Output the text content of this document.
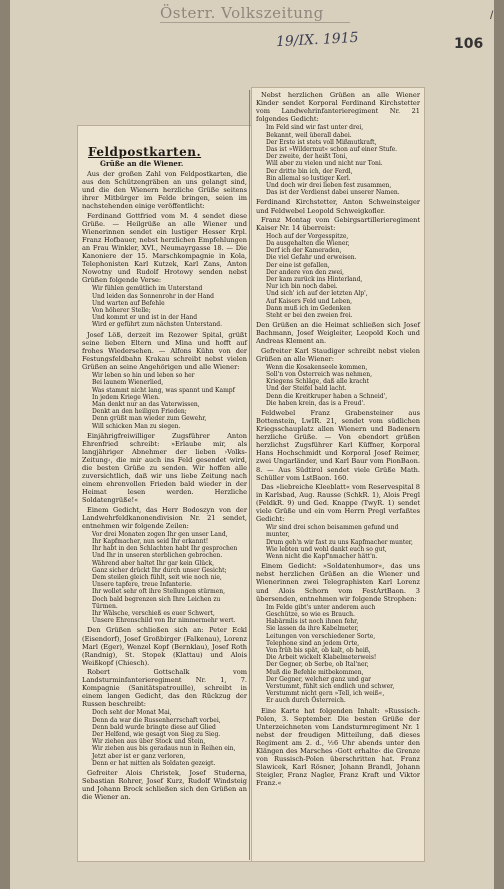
Österr. Volkszeitung
19/IX. 1915	106
/
Feldpostkarten.
Grüße an die Wiener.

Aus der großen Zahl von Feldpostkarten, die aus den Schützengräben an uns gelangt sind, und die den Wienern herzliche Grüße seitens ihrer Mitbürger im Felde bringen, seien im nachstehenden einige veröffentlicht:

Ferdinand Gottfried vom M. 4 sendet diese Grüße. — Heilgrüße an alle Wiener und Wienerinnen sendet ein lustiger Hesser Krpl. Franz Hofbauer, nebst herzlichen Empfehlungen an Frau Winkler, XVI., Neumayrgasse 18. — Die Kanoniere der 15. Marschkompagnie in Kola, Telephonisten Karl Kutzek, Karl Zans, Anton Nowotny und Rudolf Hrotowy senden nebst Grüßen folgende Verse:

Wir fühlen gemütlich im Unterstand
Und leiden das Sonnenrohr in der Hand
Und warten auf Befehle
Von höherer Stelle;
Und kommt er und ist in der Hand
Wird er geführt zum nächsten Unterstand.

Josef Löß, derzeit im Rezower Spital, grüßt seine lieben Eltern und Mina und hofft auf frohes Wiedersehen. — Alfons Kühn von der Festungsfeldbahn Krakau schreibt nebst vielen Grüßen an seine Angehörigen und alle Wiener:

Wir leben so hin und leben so her
Bei launem Wienerlied,
Was stammt nicht lang, was spannt und Kampf
In jedem Kriege Wien.
Man denkt nur an das Vaterwissen,
Denkt an den heiligen Frieden;
Denn grüßt man wieder zum Gewehr,
Will schicken Man zu siegen.

Einjährigfreiwilliger Zugsführer Anton Ehrenfried schreibt: »Erlaube mir, als langjähriger Abnehmer der lieben ›Volks-Zeitung‹, die mir auch ins Feld gesendet wird, die besten Grüße zu senden. Wir hoffen alle zuversichtlich, daß wir uns liebe Zeitung nach einem ehrenvollen Frieden bald wieder in der Heimat lesen werden. Herzliche Soldatengrüße!«

Einem Gedicht, das Herr Bodoszyn von der Landwehrfeldkanonendivision Nr. 21 sendet, entnehmen wir folgende Zeilen:

Vor drei Monaten zogen Ihr gen unser Land,
Ihr Kapfmacher, nun seid Ihr erkannt!
Ihr habt in den Schlachten habt Ihr gesprochen
Und Ihr in unseren sterblichen gebrochen.
Während aber haltet Ihr gar kein Glück,
Ganz sicher drückt Ihr durch unser Gesicht;
Dem steilen gleich fühlt, seit wie noch nie,
Unsere tapfere, treue Infanterie.
Ihr wollet sehr oft ihre Stellungen stürmen,
Doch bald begrenzen sich Ihre Leichen zu Türmen.
Ihr Wälsche, verschieß es euer Schwert,
Unsere Ehrenschild von Ihr nimmermehr wert.

Den Grüßen schließen sich an: Peter Eckl (Eisendorf), Josef Großbirger (Falkenau), Lorenz Marl (Eger), Wenzel Kopf (Bernklau), Josef Roth (Randnig), St. Stopek (Klattau) und Alois Weißkopf (Chiesch).

Robert Gottschalk vom Landsturminfanterieregiment Nr. 1, 7. Kompagnie (Sanitätspatrouille), schreibt in einem langen Gedicht, das den Rückzug der Russen beschreibt:

Doch seht der Monat Mai,
Denn da war die Russenherrschaft vorbei,
Denn bald wurde bringte diese auf Glied
Der Helfend, wie gesagt von Sieg zu Sieg.
Wir ziehen aus über Stock und Stein,
Wir ziehen aus bis geradaus nun in Reihen ein,
Jetzt aber ist er ganz verloren,
Denn er hat mitten als Soldaten gezeigt.

Gefreiter Alois Christek, Josef Studerna, Sebastian Rohrer, Josef Kurz, Rudolf Windsteig und Johann Brock schließen sich den Grüßen an die Wiener an.

Nebst herzlichen Grüßen an alle Wiener Kinder sendet Korporal Ferdinand Kirchstetter vom Landwehrinfanterieregiment Nr. 21 folgendes Gedicht:

Im Feld sind wir fast unter drei,
Bekannt, weil überall dabei.
Der Erste ist stets voll Mißmutkraft,
Das ist »Wildermut« schon auf einer Stufe.
Der zweite, der heißt Toni,
Will aber zu vielen und nicht nur Toni.
Der dritte bin ich, der Ferdl,
Bin allemal so lustiger Kerl.
Und doch wir drei lieben fest zusammen,
Das ist der Verdienst dabei unserer Namen.

Ferdinand Kirchstetter, Anton Schweinsteiger und Feldwebel Leopold Schweigkofler.

Franz Montag vom Gebirgsartillerieregiment Kaiser Nr. 14 überreist:

Hoch auf der Vorgesspitze,
Da ausgehalten die Wiener,
Derf ich der Kameraden,
Die viel Gefahr und erweisen.
Der eine ist gefallen,
Der andere von den zwei,
Der kam zurück ins Hinterland,
Nur ich bin noch dabei.
Und sich' ich auf der letzten Alp',
Auf Kaisers Feld und Leben,
Dann muß ich im Gedenken
Steht er bei den zweien frei.

Den Grüßen an die Heimat schließen sich Josef Bachmann, Josef Weigleiter, Leopold Koch und Andreas Klement an.

Gefreiter Karl Staudiger schreibt nebst vielen Grüßen an alle Wiener:

Wenn die Kosakenseele kommen,
Soll'n von Österreich was nehmen,
Kriegens Schläge, daß alle kracht
Und der Steifel bald lacht.
Denn die Kreitkruper haben a Schneid',
Die haben krein, das is a Freud'.

Feldwebel Franz Grabensteiner aus Bottenstein, LwIR. 21, sendet vom südlichen Kriegsschauplatz allen Wienern und Badenern herzliche Grüße. — Von ebendort grüßen herzlichst Zugsführer Karl Küffner, Korporal Hans Hochschmidt und Korporal Josef Reimer, zwei Ungarländer, und Karl Baur vom PionBaon. 8. — Aus Südtirol sendet viele Grüße Math. Schüller vom LstBaon. 160.

Das »liebreiche Kleeblatt« vom Reservespital 8 in Karlsbad, Aug. Rausse (SchkR. 1), Alois Pregl (FeldkR. 9) und Ged. Knappe (TwyR. 1) sendet viele Grüße und ein vom Herrn Pregl verfaßtes Gedicht:

Wir sind drei schon beisammen gefund und munter,
Drum geh'n wir fast zu uns Kapfmacher munter,
Wie lebten und wohl dankt euch so gut,
Wenn nicht die Kapf'nmacher hätt'n.

Einem Gedicht: »Soldatenhumor«, das uns nebst herzlichen Grüßen an die Wiener und Wienerinnen zwei Telegraphisten Karl Lorenz und Alois Schorn vom FestArtBaon. 3 übersenden, entnehmen wir folgende Strophen:

Im Felde gibt's unter anderem auch
Geschütze, so wie es Brauch.
Habärmlis ist noch ihnen fehr,
Sie lassen da ihre Kabelmeter,
Leitungen von verschiedener Sorte,
Telephone sind an jedem Orte,
Von früh bis spät, ob kalt, ob heiß,
Die Arbeit wickelt Klabelmeterweis!
Der Gegner, ob Serbe, ob Ital'ner,
Muß die Befehle mitbekommen,
Der Gegner, welcher ganz und gar
Verstummt, fühlt sich endlich und schwer,
Verstummt nicht gern »Tell, ich weiß«,
Er auch durch Österreich.

Eine Karte hat folgenden Inhalt: »Russisch-Polen, 3. September. Die besten Grüße der Unterzeichneten vom Landsturmregiment Nr. 1 nebst der freudigen Mitteilung, daß dieses Regiment am 2. d., ½6 Uhr abends unter den Klängen des Marsches ›Gott erhalte‹ die Grenze von Russisch-Polen überschritten hat. Franz Slawicek, Karl Rösner, Johann Brandl, Johann Steigler, Franz Nagler, Franz Kraft und Viktor Franz.«
